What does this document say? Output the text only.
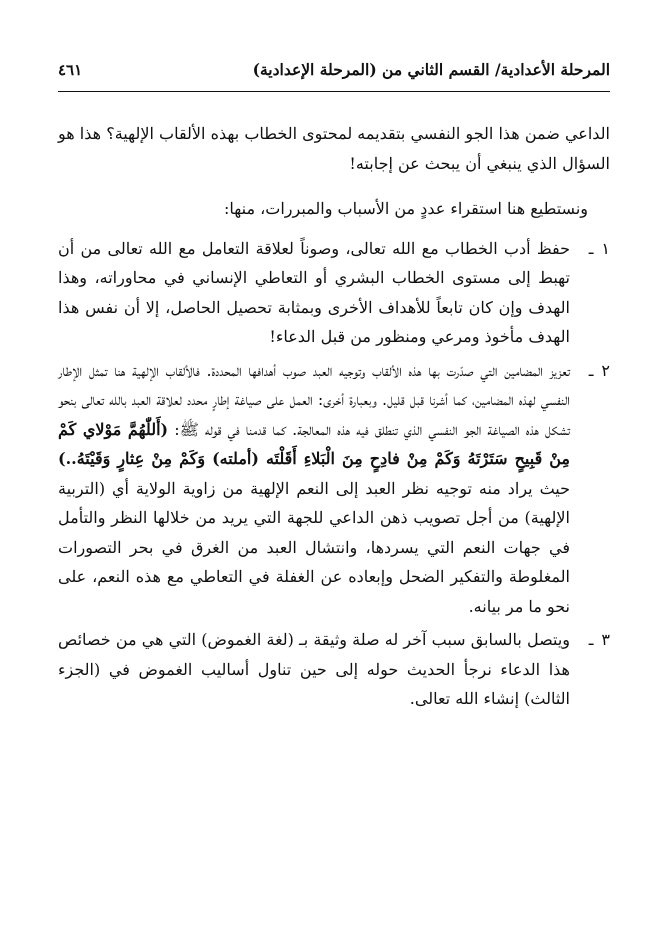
المرحلة الأعدادية/ القسم الثاني من (المرحلة الإعدادية)
٤٦١

الداعي ضمن هذا الجو النفسي بتقديمه لمحتوى الخطاب بهذه الألقاب الإلهية؟ هذا هو السؤال الذي ينبغي أن يبحث عن إجابته!

ونستطيع هنا استقراء عددٍ من الأسباب والمبررات، منها:

١ـ
حفظ أدب الخطاب مع الله تعالى، وصوناً لعلاقة التعامل مع الله تعالى من أن تهبط إلى مستوى الخطاب البشري أو التعاطي الإنساني في محاوراته، وهذا الهدف وإن كان تابعاً للأهداف الأخرى وبمثابة تحصيل الحاصل، إلا أن نفس هذا الهدف مأخوذ ومرعي ومنظور من قبل الدعاء!
٢ـ
تعزيز المضامين التي صدّرت بها هذه الألقاب وتوجيه العبد صوب أهدافها المحددة. فالألقاب الإلهية هنا تمثل الإطار النفسي لهذه المضامين، كما أشرنا قبل قليل. وبعبارة أخرى: العمل على صياغة إطارٍ محدد لعلاقة العبد بالله تعالى بنحو تشكل هذه الصياغة الجو النفسي الذي تنطلق فيه هذه المعالجة. كما قدمنا في قوله ﷺ: (أَللّٰهُمَّ مَوْلاي كَمْ مِنْ قَبِيحٍ سَتَرْتَهُ وَكَمْ مِنْ فادِحٍ مِنَ الْبَلاءِ أَقَلْتَه (أملته) وَكَمْ مِنْ عِثارٍ وَقَيْتَهُ..) حيث يراد منه توجيه نظر العبد إلى النعم الإلهية من زاوية الولاية أي (التربية الإلهية) من أجل تصويب ذهن الداعي للجهة التي يريد من خلالها النظر والتأمل في جهات النعم التي يسردها، وانتشال العبد من الغرق في بحر التصورات المغلوطة والتفكير الضحل وإبعاده عن الغفلة في التعاطي مع هذه النعم، على نحو ما مر بيانه.
٣ـ
ويتصل بالسابق سبب آخر له صلة وثيقة بـ (لغة الغموض) التي هي من خصائص هذا الدعاء نرجأ الحديث حوله إلى حين تناول أساليب الغموض في (الجزء الثالث) إنشاء الله تعالى.
